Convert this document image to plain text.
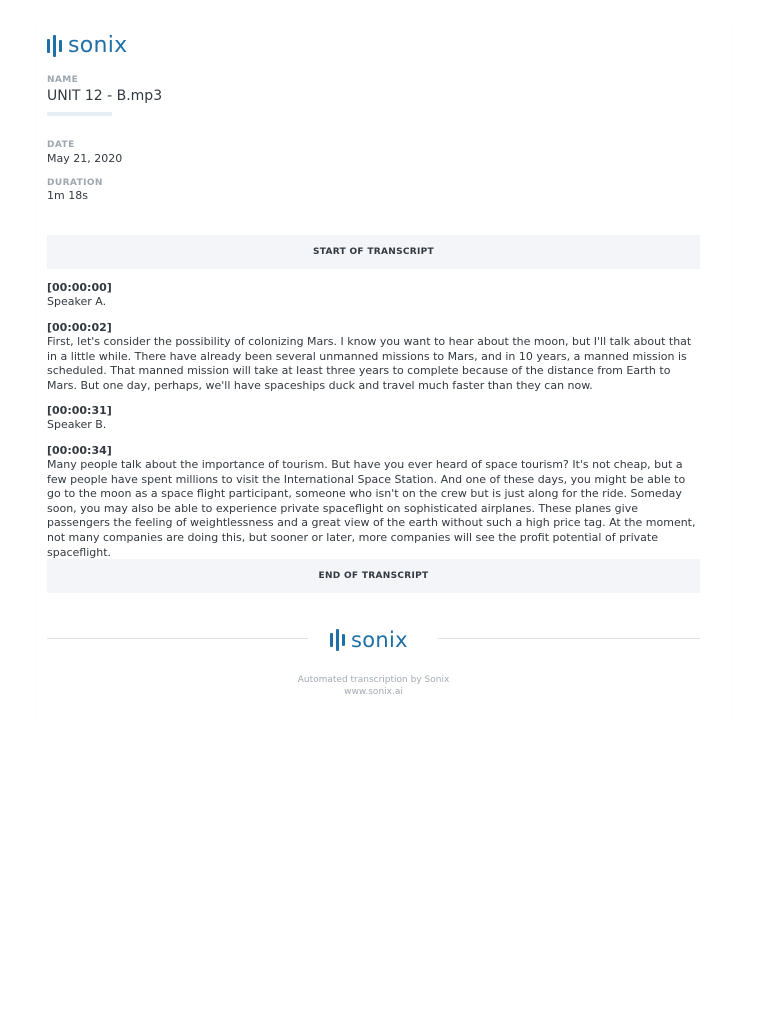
sonix
NAME
UNIT 12 - B.mp3
DATE
May 21, 2020
DURATION
1m 18s
START OF TRANSCRIPT
[00:00:00]
Speaker A.
[00:00:02]
First, let's consider the possibility of colonizing Mars. I know you want to hear about the moon, but I'll talk about that in a little while. There have already been several unmanned missions to Mars, and in 10 years, a manned mission is scheduled. That manned mission will take at least three years to complete because of the distance from Earth to Mars. But one day, perhaps, we'll have spaceships duck and travel much faster than they can now.
[00:00:31]
Speaker B.
[00:00:34]
Many people talk about the importance of tourism. But have you ever heard of space tourism? It's not cheap, but a few people have spent millions to visit the International Space Station. And one of these days, you might be able to go to the moon as a space flight participant, someone who isn't on the crew but is just along for the ride. Someday soon, you may also be able to experience private spaceflight on sophisticated airplanes. These planes give passengers the feeling of weightlessness and a great view of the earth without such a high price tag. At the moment, not many companies are doing this, but sooner or later, more companies will see the profit potential of private spaceflight.
END OF TRANSCRIPT
sonix
Automated transcription by Sonix
www.sonix.ai
